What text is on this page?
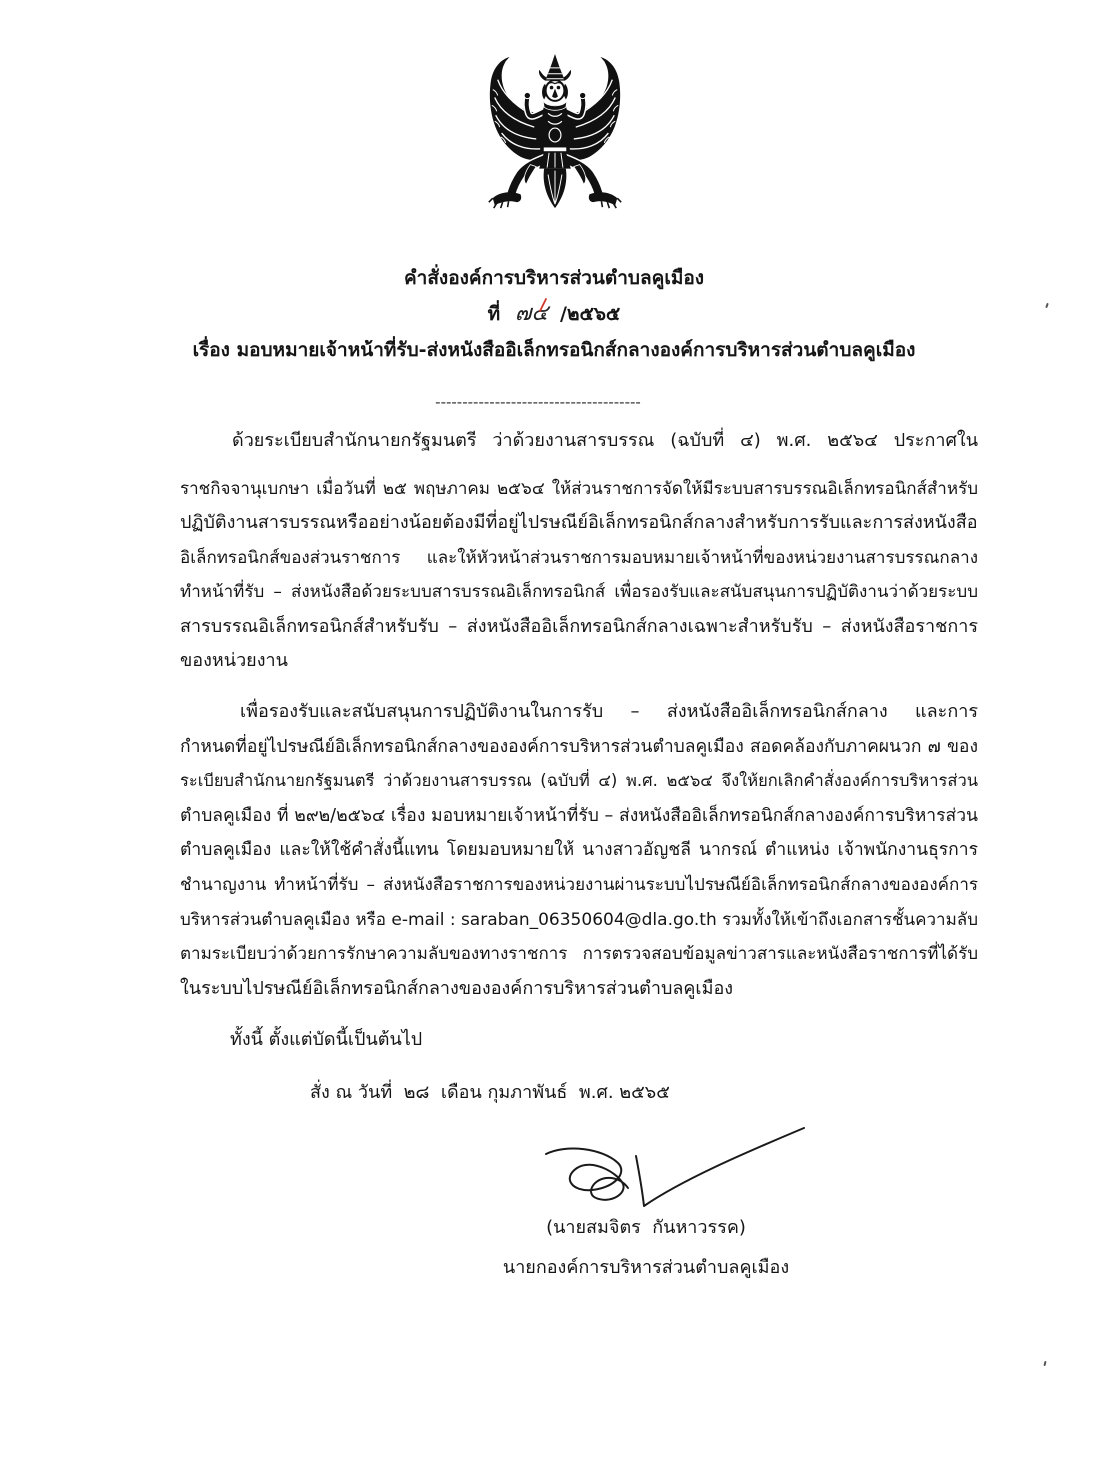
คำสั่งองค์การบริหารส่วนตำบลคูเมือง
ที่ ๗๔ /๒๕๖๕
เรื่อง มอบหมายเจ้าหน้าที่รับ-ส่งหนังสืออิเล็กทรอนิกส์กลางองค์การบริหารส่วนตำบลคูเมือง
--------------------------------------
ด้วยระเบียบสำนักนายกรัฐมนตรี ว่าด้วยงานสารบรรณ (ฉบับที่ ๔) พ.ศ. ๒๕๖๔ ประกาศใน
ราชกิจจานุเบกษา เมื่อวันที่ ๒๕ พฤษภาคม ๒๕๖๔ ให้ส่วนราชการจัดให้มีระบบสารบรรณอิเล็กทรอนิกส์สำหรับ
ปฏิบัติงานสารบรรณหรืออย่างน้อยต้องมีที่อยู่ไปรษณีย์อิเล็กทรอนิกส์กลางสำหรับการรับและการส่งหนังสือ
อิเล็กทรอนิกส์ของส่วนราชการ และให้หัวหน้าส่วนราชการมอบหมายเจ้าหน้าที่ของหน่วยงานสารบรรณกลาง
ทำหน้าที่รับ – ส่งหนังสือด้วยระบบสารบรรณอิเล็กทรอนิกส์ เพื่อรองรับและสนับสนุนการปฏิบัติงานว่าด้วยระบบ
สารบรรณอิเล็กทรอนิกส์สำหรับรับ – ส่งหนังสืออิเล็กทรอนิกส์กลางเฉพาะสำหรับรับ – ส่งหนังสือราชการ
ของหน่วยงาน
เพื่อรองรับและสนับสนุนการปฏิบัติงานในการรับ – ส่งหนังสืออิเล็กทรอนิกส์กลาง และการ
กำหนดที่อยู่ไปรษณีย์อิเล็กทรอนิกส์กลางขององค์การบริหารส่วนตำบลคูเมือง สอดคล้องกับภาคผนวก ๗ ของ
ระเบียบสำนักนายกรัฐมนตรี ว่าด้วยงานสารบรรณ (ฉบับที่ ๔) พ.ศ. ๒๕๖๔ จึงให้ยกเลิกคำสั่งองค์การบริหารส่วน
ตำบลคูเมือง ที่ ๒๙๒/๒๕๖๔ เรื่อง มอบหมายเจ้าหน้าที่รับ – ส่งหนังสืออิเล็กทรอนิกส์กลางองค์การบริหารส่วน
ตำบลคูเมือง และให้ใช้คำสั่งนี้แทน โดยมอบหมายให้ นางสาวอัญชลี นากรณ์ ตำแหน่ง เจ้าพนักงานธุรการ
ชำนาญงาน ทำหน้าที่รับ – ส่งหนังสือราชการของหน่วยงานผ่านระบบไปรษณีย์อิเล็กทรอนิกส์กลางขององค์การ
บริหารส่วนตำบลคูเมือง หรือ e-mail : saraban_06350604@dla.go.th รวมทั้งให้เข้าถึงเอกสารชั้นความลับ
ตามระเบียบว่าด้วยการรักษาความลับของทางราชการ การตรวจสอบข้อมูลข่าวสารและหนังสือราชการที่ได้รับ
ในระบบไปรษณีย์อิเล็กทรอนิกส์กลางขององค์การบริหารส่วนตำบลคูเมือง
ทั้งนี้ ตั้งแต่บัดนี้เป็นต้นไป
สั่ง ณ วันที่  ๒๘  เดือน กุมภาพันธ์  พ.ศ. ๒๕๖๕
(นายสมจิตร  กันหาวรรค)
นายกองค์การบริหารส่วนตำบลคูเมือง
